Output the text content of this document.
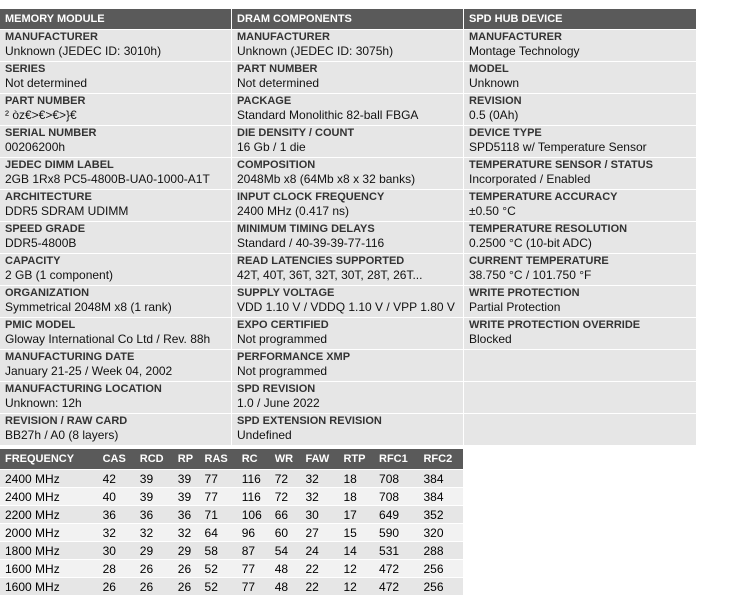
MEMORY MODULE
MANUFACTURER
Unknown (JEDEC ID: 3010h)
SERIES
Not determined
PART NUMBER
² òz€>€>€>}€
SERIAL NUMBER
00206200h
JEDEC DIMM LABEL
2GB 1Rx8 PC5-4800B-UA0-1000-A1T
ARCHITECTURE
DDR5 SDRAM UDIMM
SPEED GRADE
DDR5-4800B
CAPACITY
2 GB (1 component)
ORGANIZATION
Symmetrical 2048M x8 (1 rank)
PMIC MODEL
Gloway International Co Ltd / Rev. 88h
MANUFACTURING DATE
January 21-25 / Week 04, 2002
MANUFACTURING LOCATION
Unknown: 12h
REVISION / RAW CARD
BB27h / A0 (8 layers)
DRAM COMPONENTS
MANUFACTURER
Unknown (JEDEC ID: 3075h)
PART NUMBER
Not determined
PACKAGE
Standard Monolithic 82-ball FBGA
DIE DENSITY / COUNT
16 Gb / 1 die
COMPOSITION
2048Mb x8 (64Mb x8 x 32 banks)
INPUT CLOCK FREQUENCY
2400 MHz (0.417 ns)
MINIMUM TIMING DELAYS
Standard / 40-39-39-77-116
READ LATENCIES SUPPORTED
42T, 40T, 36T, 32T, 30T, 28T, 26T...
SUPPLY VOLTAGE
VDD 1.10 V / VDDQ 1.10 V / VPP 1.80 V
EXPO CERTIFIED
Not programmed
PERFORMANCE XMP
Not programmed
SPD REVISION
1.0 / June 2022
SPD EXTENSION REVISION
Undefined
SPD HUB DEVICE
MANUFACTURER
Montage Technology
MODEL
Unknown
REVISION
0.5 (0Ah)
DEVICE TYPE
SPD5118 w/ Temperature Sensor
TEMPERATURE SENSOR / STATUS
Incorporated / Enabled
TEMPERATURE ACCURACY
±0.50 °C
TEMPERATURE RESOLUTION
0.2500 °C (10-bit ADC)
CURRENT TEMPERATURE
38.750 °C / 101.750 °F
WRITE PROTECTION
Partial Protection
WRITE PROTECTION OVERRIDE
Blocked
FREQUENCY	CAS	RCD	RP	RAS	RC	WR	FAW	RTP	RFC1	RFC2
2400 MHz	42	39	39	77	116	72	32	18	708	384
2400 MHz	40	39	39	77	116	72	32	18	708	384
2200 MHz	36	36	36	71	106	66	30	17	649	352
2000 MHz	32	32	32	64	96	60	27	15	590	320
1800 MHz	30	29	29	58	87	54	24	14	531	288
1600 MHz	28	26	26	52	77	48	22	12	472	256
1600 MHz	26	26	26	52	77	48	22	12	472	256
